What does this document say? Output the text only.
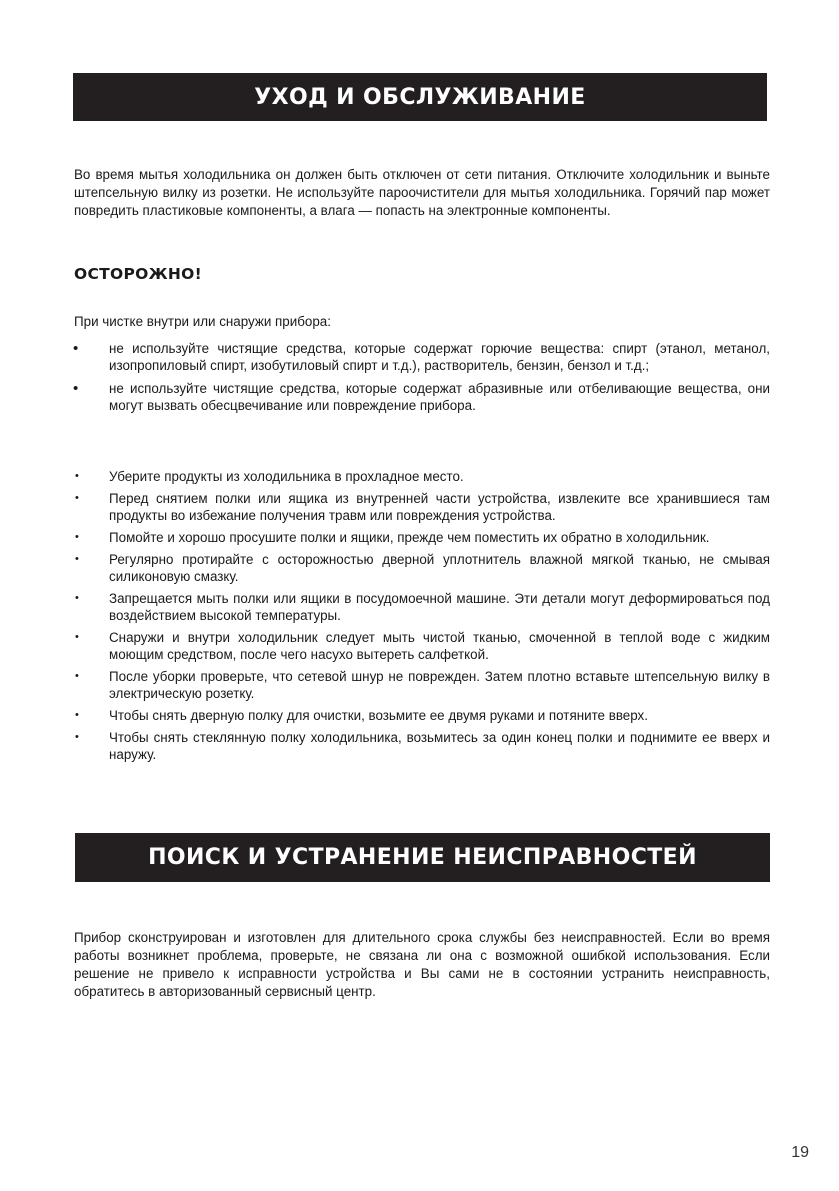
УХОД И ОБСЛУЖИВАНИЕ

Во время мытья холодильника он должен быть отключен от сети питания. Отключите холодильник и выньте штепсельную вилку из розетки. Не используйте пароочистители для мытья холодильника. Горячий пар может повредить пластиковые компоненты, а влага — попасть на электронные компоненты.

ОСТОРОЖНО!

При чистке внутри или снаружи прибора:

• не используйте чистящие средства, которые содержат горючие вещества: спирт (этанол, метанол, изопропиловый спирт, изобутиловый спирт и т.д.), растворитель, бензин, бензол и т.д.;
• не используйте чистящие средства, которые содержат абразивные или отбеливающие вещества, они могут вызвать обесцвечивание или повреждение прибора.
• Уберите продукты из холодильника в прохладное место.
• Перед снятием полки или ящика из внутренней части устройства, извлеките все хранившиеся там продукты во избежание получения травм или повреждения устройства.
• Помойте и хорошо просушите полки и ящики, прежде чем поместить их обратно в холодильник.
• Регулярно протирайте с осторожностью дверной уплотнитель влажной мягкой тканью, не смывая силиконовую смазку.
• Запрещается мыть полки или ящики в посудомоечной машине. Эти детали могут деформироваться под воздействием высокой температуры.
• Снаружи и внутри холодильник следует мыть чистой тканью, смоченной в теплой воде с жидким моющим средством, после чего насухо вытереть салфеткой.
• После уборки проверьте, что сетевой шнур не поврежден. Затем плотно вставьте штепсельную вилку в электрическую розетку.
• Чтобы снять дверную полку для очистки, возьмите ее двумя руками и потяните вверх.
• Чтобы снять стеклянную полку холодильника, возьмитесь за один конец полки и поднимите ее вверх и наружу.
ПОИСК И УСТРАНЕНИЕ НЕИСПРАВНОСТЕЙ

Прибор сконструирован и изготовлен для длительного срока службы без неисправностей. Если во время работы возникнет проблема, проверьте, не связана ли она с возможной ошибкой использования. Если решение не привело к исправности устройства и Вы сами не в состоянии устранить неисправность, обратитесь в авторизованный сервисный центр.

19
